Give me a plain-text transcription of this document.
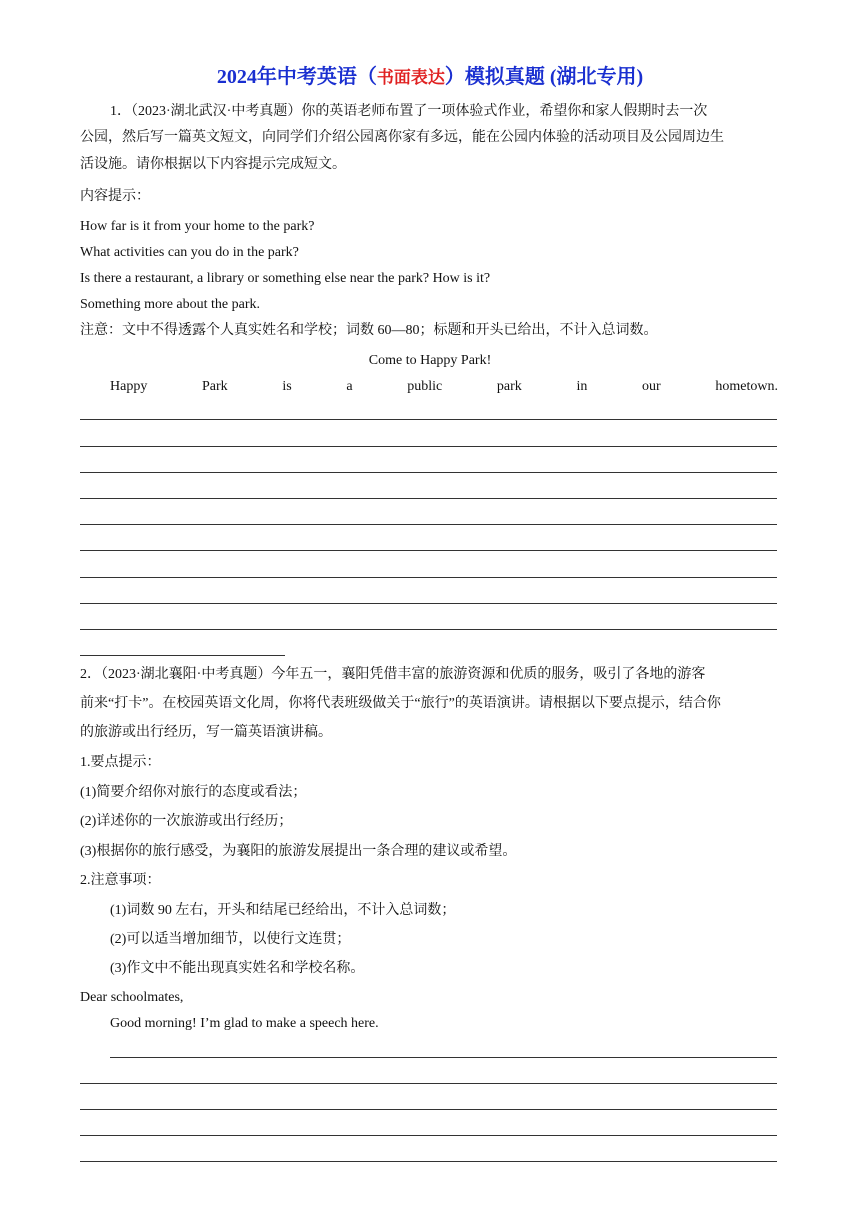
2024年中考英语（书面表达）模拟真题 (湖北专用)
1．（2023·湖北武汉·中考真题）你的英语老师布置了一项体验式作业，希望你和家人假期时去一次
公园，然后写一篇英文短文，向同学们介绍公园离你家有多远，能在公园内体验的活动项目及公园周边生
活设施。请你根据以下内容提示完成短文。
内容提示：
How far is it from your home to the park?
What activities can you do in the park?
Is there a restaurant, a library or something else near the park? How is it?
Something more about the park.
注意：文中不得透露个人真实姓名和学校；词数 60—80；标题和开头已给出，不计入总词数。
Come to Happy Park!
Happy	Park	is	a	public	park	in	our	hometown.
2．（2023·湖北襄阳·中考真题）今年五一，襄阳凭借丰富的旅游资源和优质的服务，吸引了各地的游客
前来“打卡”。在校园英语文化周，你将代表班级做关于“旅行”的英语演讲。请根据以下要点提示，结合你
的旅游或出行经历，写一篇英语演讲稿。
1.要点提示：
(1)简要介绍你对旅行的态度或看法；
(2)详述你的一次旅游或出行经历；
(3)根据你的旅行感受，为襄阳的旅游发展提出一条合理的建议或希望。
2.注意事项：
(1)词数 90 左右，开头和结尾已经给出，不计入总词数；
(2)可以适当增加细节，以使行文连贯；
(3)作文中不能出现真实姓名和学校名称。
Dear schoolmates,
Good morning! I’m glad to make a speech here.
